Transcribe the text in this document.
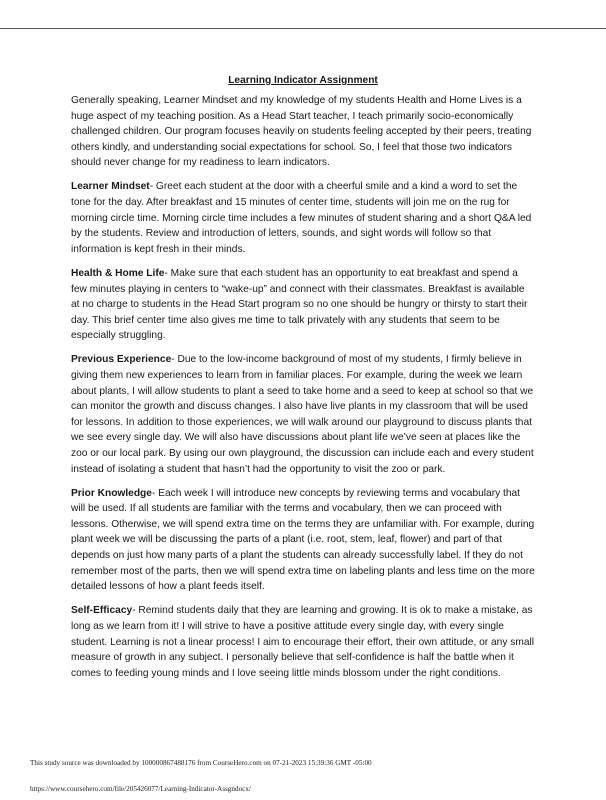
Learning Indicator Assignment

Generally speaking, Learner Mindset and my knowledge of my students Health and Home Lives is a huge aspect of my teaching position. As a Head Start teacher, I teach primarily socio-economically challenged children. Our program focuses heavily on students feeling accepted by their peers, treating others kindly, and understanding social expectations for school. So, I feel that those two indicators should never change for my readiness to learn indicators.

Learner Mindset- Greet each student at the door with a cheerful smile and a kind a word to set the tone for the day. After breakfast and 15 minutes of center time, students will join me on the rug for morning circle time. Morning circle time includes a few minutes of student sharing and a short Q&A led by the students. Review and introduction of letters, sounds, and sight words will follow so that information is kept fresh in their minds.

Health & Home Life- Make sure that each student has an opportunity to eat breakfast and spend a few minutes playing in centers to “wake-up” and connect with their classmates. Breakfast is available at no charge to students in the Head Start program so no one should be hungry or thirsty to start their day. This brief center time also gives me time to talk privately with any students that seem to be especially struggling.

Previous Experience- Due to the low-income background of most of my students, I firmly believe in giving them new experiences to learn from in familiar places. For example, during the week we learn about plants, I will allow students to plant a seed to take home and a seed to keep at school so that we can monitor the growth and discuss changes. I also have live plants in my classroom that will be used for lessons. In addition to those experiences, we will walk around our playground to discuss plants that we see every single day. We will also have discussions about plant life we’ve seen at places like the zoo or our local park. By using our own playground, the discussion can include each and every student instead of isolating a student that hasn’t had the opportunity to visit the zoo or park.

Prior Knowledge- Each week I will introduce new concepts by reviewing terms and vocabulary that will be used. If all students are familiar with the terms and vocabulary, then we can proceed with lessons. Otherwise, we will spend extra time on the terms they are unfamiliar with. For example, during plant week we will be discussing the parts of a plant (i.e. root, stem, leaf, flower) and part of that depends on just how many parts of a plant the students can already successfully label. If they do not remember most of the parts, then we will spend extra time on labeling plants and less time on the more detailed lessons of how a plant feeds itself.

Self-Efficacy- Remind students daily that they are learning and growing. It is ok to make a mistake, as long as we learn from it! I will strive to have a positive attitude every single day, with every single student. Learning is not a linear process! I aim to encourage their effort, their own attitude, or any small measure of growth in any subject. I personally believe that self-confidence is half the battle when it comes to feeding young minds and I love seeing little minds blossom under the right conditions.

This study source was downloaded by 100000867488176 from CourseHero.com on 07-21-2023 15:39:36 GMT -05:00
https://www.coursehero.com/file/205426077/Learning-Indicator-Assgndocx/
